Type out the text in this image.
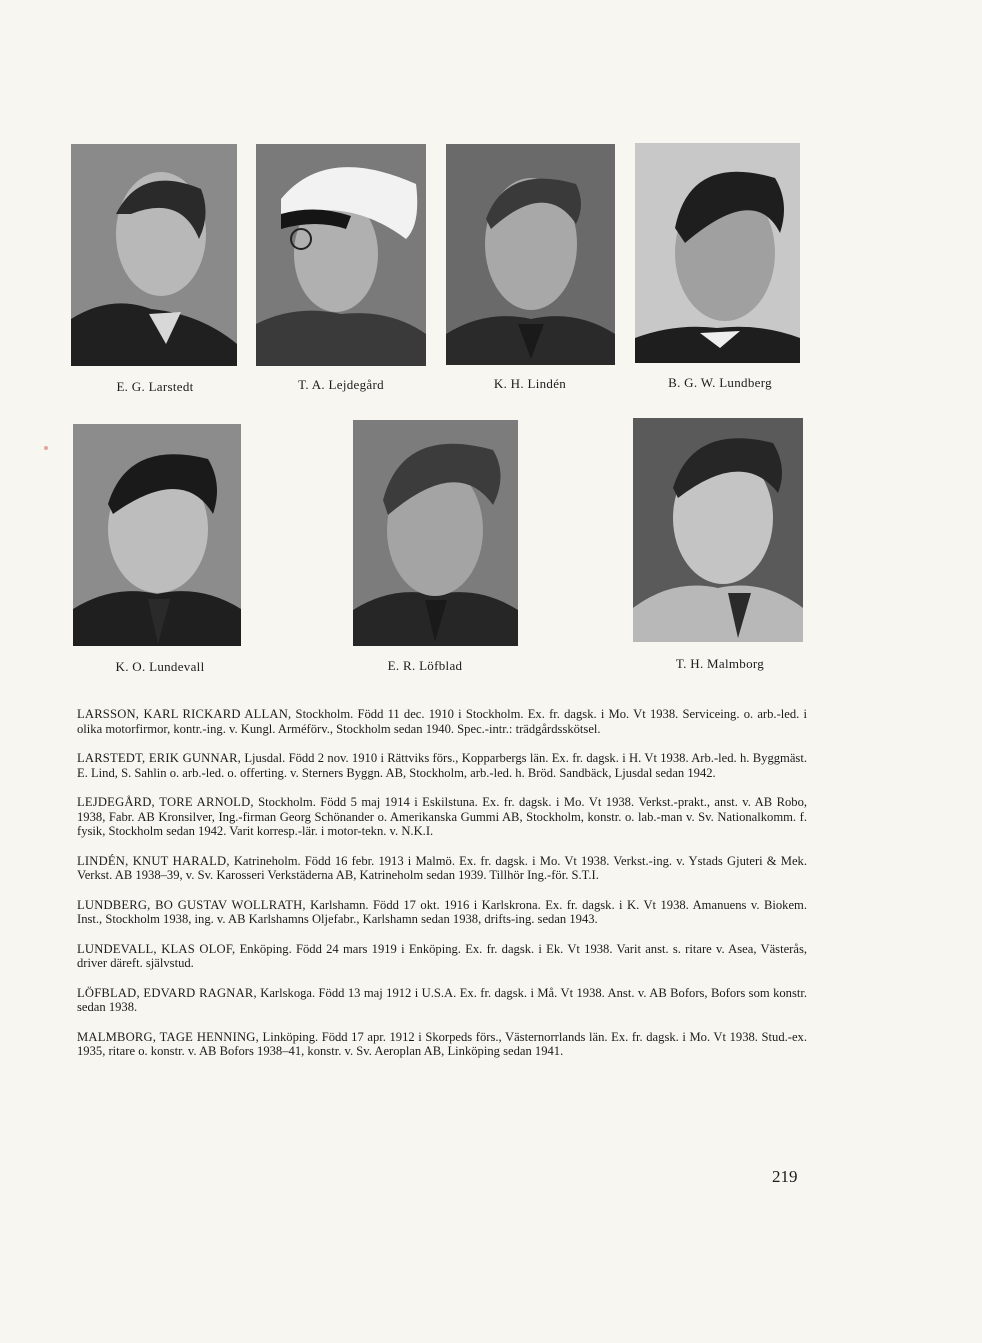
E. G. Larstedt	T. A. Lejdegård	K. H. Lindén	B. G. W. Lundberg
K. O. Lundevall	E. R. Löfblad	T. H. Malmborg

LARSSON, KARL RICKARD ALLAN, Stockholm. Född 11 dec. 1910 i Stockholm. Ex. fr. dagsk. i Mo. Vt 1938. Serviceing. o. arb.-led. i olika motorfirmor, kontr.-ing. v. Kungl. Arméförv., Stockholm sedan 1940. Spec.-intr.: trädgårdsskötsel.

LARSTEDT, ERIK GUNNAR, Ljusdal. Född 2 nov. 1910 i Rättviks förs., Kopparbergs län. Ex. fr. dagsk. i H. Vt 1938. Arb.-led. h. Byggmäst. E. Lind, S. Sahlin o. arb.-led. o. offerting. v. Sterners Byggn. AB, Stockholm, arb.-led. h. Bröd. Sandbäck, Ljusdal sedan 1942.

LEJDEGÅRD, TORE ARNOLD, Stockholm. Född 5 maj 1914 i Eskilstuna. Ex. fr. dagsk. i Mo. Vt 1938. Verkst.-prakt., anst. v. AB Robo, 1938, Fabr. AB Kronsilver, Ing.-firman Georg Schönander o. Amerikanska Gummi AB, Stockholm, konstr. o. lab.-man v. Sv. Nationalkomm. f. fysik, Stockholm sedan 1942. Varit korresp.-lär. i motor-tekn. v. N.K.I.

LINDÉN, KNUT HARALD, Katrineholm. Född 16 febr. 1913 i Malmö. Ex. fr. dagsk. i Mo. Vt 1938. Verkst.-ing. v. Ystads Gjuteri & Mek. Verkst. AB 1938–39, v. Sv. Karosseri Verkstäderna AB, Katrineholm sedan 1939. Tillhör Ing.-för. S.T.I.

LUNDBERG, BO GUSTAV WOLLRATH, Karlshamn. Född 17 okt. 1916 i Karlskrona. Ex. fr. dagsk. i K. Vt 1938. Amanuens v. Biokem. Inst., Stockholm 1938, ing. v. AB Karlshamns Oljefabr., Karlshamn sedan 1938, drifts-ing. sedan 1943.

LUNDEVALL, KLAS OLOF, Enköping. Född 24 mars 1919 i Enköping. Ex. fr. dagsk. i Ek. Vt 1938. Varit anst. s. ritare v. Asea, Västerås, driver däreft. självstud.

LÖFBLAD, EDVARD RAGNAR, Karlskoga. Född 13 maj 1912 i U.S.A. Ex. fr. dagsk. i Må. Vt 1938. Anst. v. AB Bofors, Bofors som konstr. sedan 1938.

MALMBORG, TAGE HENNING, Linköping. Född 17 apr. 1912 i Skorpeds förs., Västernorrlands län. Ex. fr. dagsk. i Mo. Vt 1938. Stud.-ex. 1935, ritare o. konstr. v. AB Bofors 1938–41, konstr. v. Sv. Aeroplan AB, Linköping sedan 1941.

219
